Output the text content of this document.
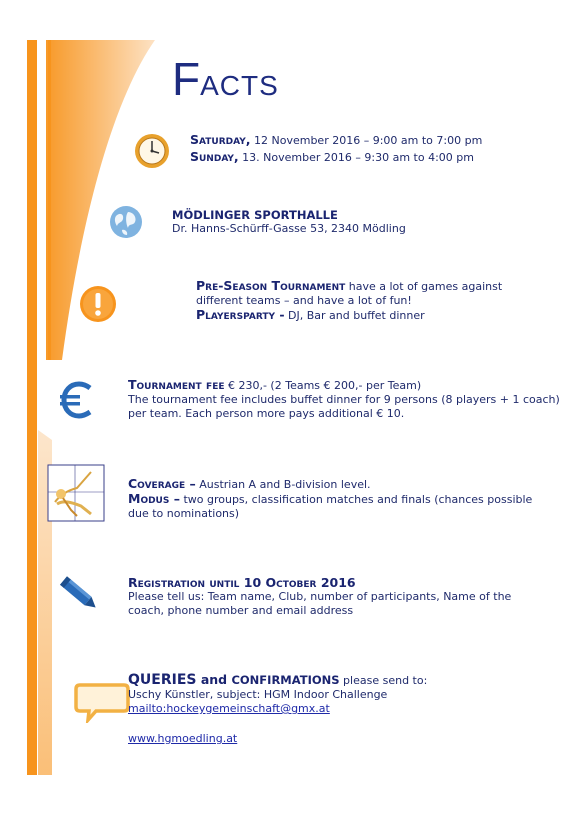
FACTS
Saturday, 12 November 2016 – 9:00 am to 7:00 pm
Sunday, 13. November 2016 – 9:30 am to 4:00 pm
MÖDLINGER SPORTHALLE
Dr. Hanns-Schürff-Gasse 53, 2340 Mödling
Pre-Season Tournament have a lot of games against
different teams – and have a lot of fun!
Playersparty - DJ, Bar and buffet dinner
Tournament fee € 230,- (2 Teams € 200,- per Team)
The tournament fee includes buffet dinner for 9 persons (8 players + 1 coach)
per team. Each person more pays additional € 10.
Coverage – Austrian A and B-division level.
Modus – two groups, classification matches and finals (chances possible
due to nominations)
Registration until 10 October 2016
Please tell us: Team name, Club, number of participants, Name of the
coach, phone number and email address
QUERIES and CONFIRMATIONS please send to:
Uschy Künstler, subject: HGM Indoor Challenge
mailto:hockeygemeinschaft@gmx.at
www.hgmoedling.at
